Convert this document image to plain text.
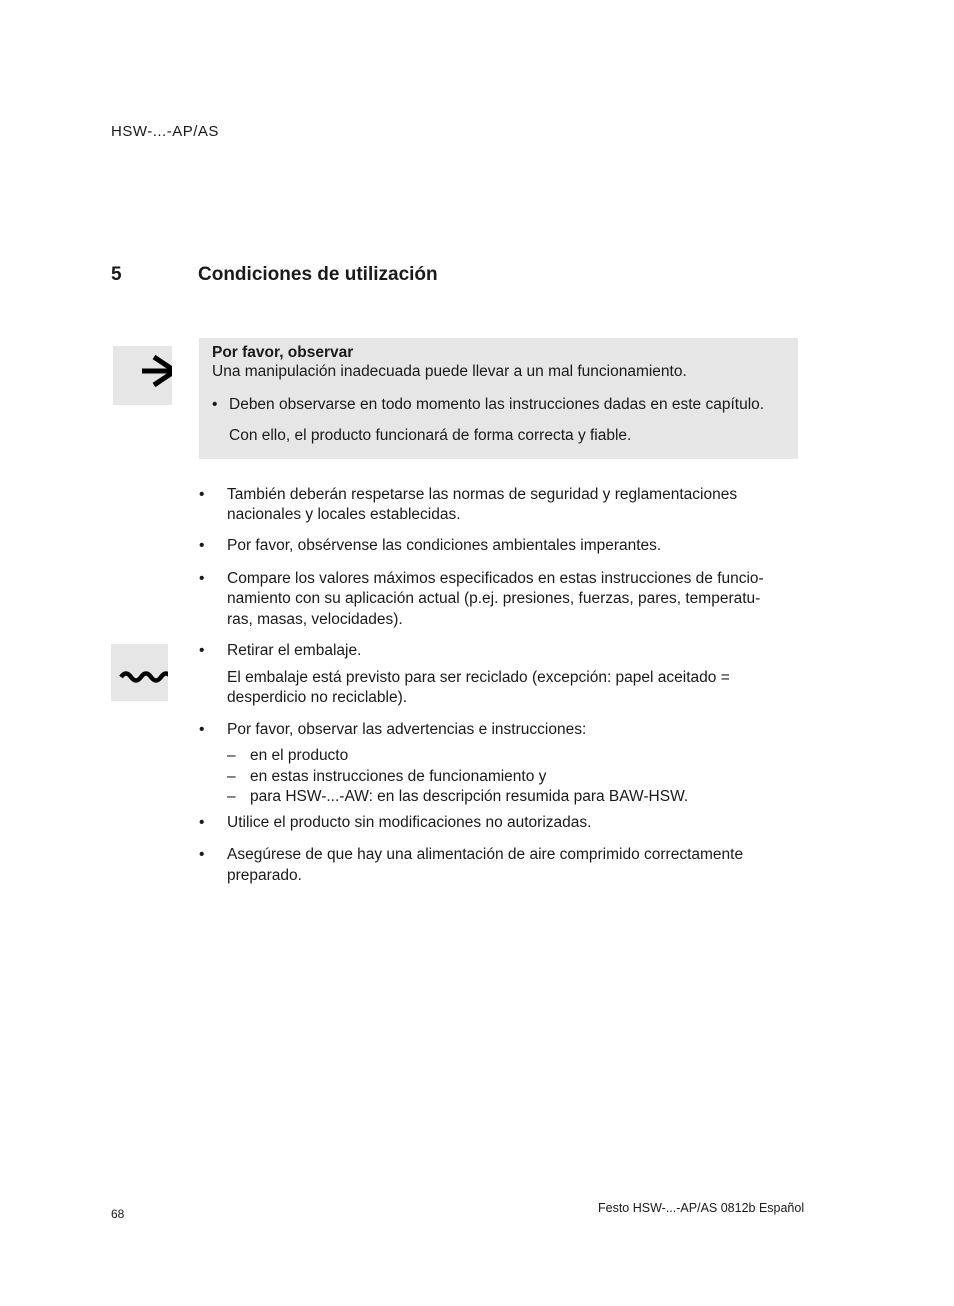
HSW-...-AP/AS
5	Condiciones de utilización
Por favor, observar
Una manipulación inadecuada puede llevar a un mal funcionamiento.
• Deben observarse en todo momento las instrucciones dadas en este capítulo.
Con ello, el producto funcionará de forma correcta y fiable.
• También deberán respetarse las normas de seguridad y reglamentaciones
nacionales y locales establecidas.
• Por favor, obsérvense las condiciones ambientales imperantes.
• Compare los valores máximos especificados en estas instrucciones de funcio-
namiento con su aplicación actual (p.ej. presiones, fuerzas, pares, temperatu-
ras, masas, velocidades).
• Retirar el embalaje.
El embalaje está previsto para ser reciclado (excepción: papel aceitado =
desperdicio no reciclable).
• Por favor, observar las advertencias e instrucciones:
– en el producto
– en estas instrucciones de funcionamiento y
– para HSW-...-AW: en las descripción resumida para BAW-HSW.
• Utilice el producto sin modificaciones no autorizadas.
• Asegúrese de que hay una alimentación de aire comprimido correctamente
preparado.
68	Festo HSW-...-AP/AS 0812b Español
